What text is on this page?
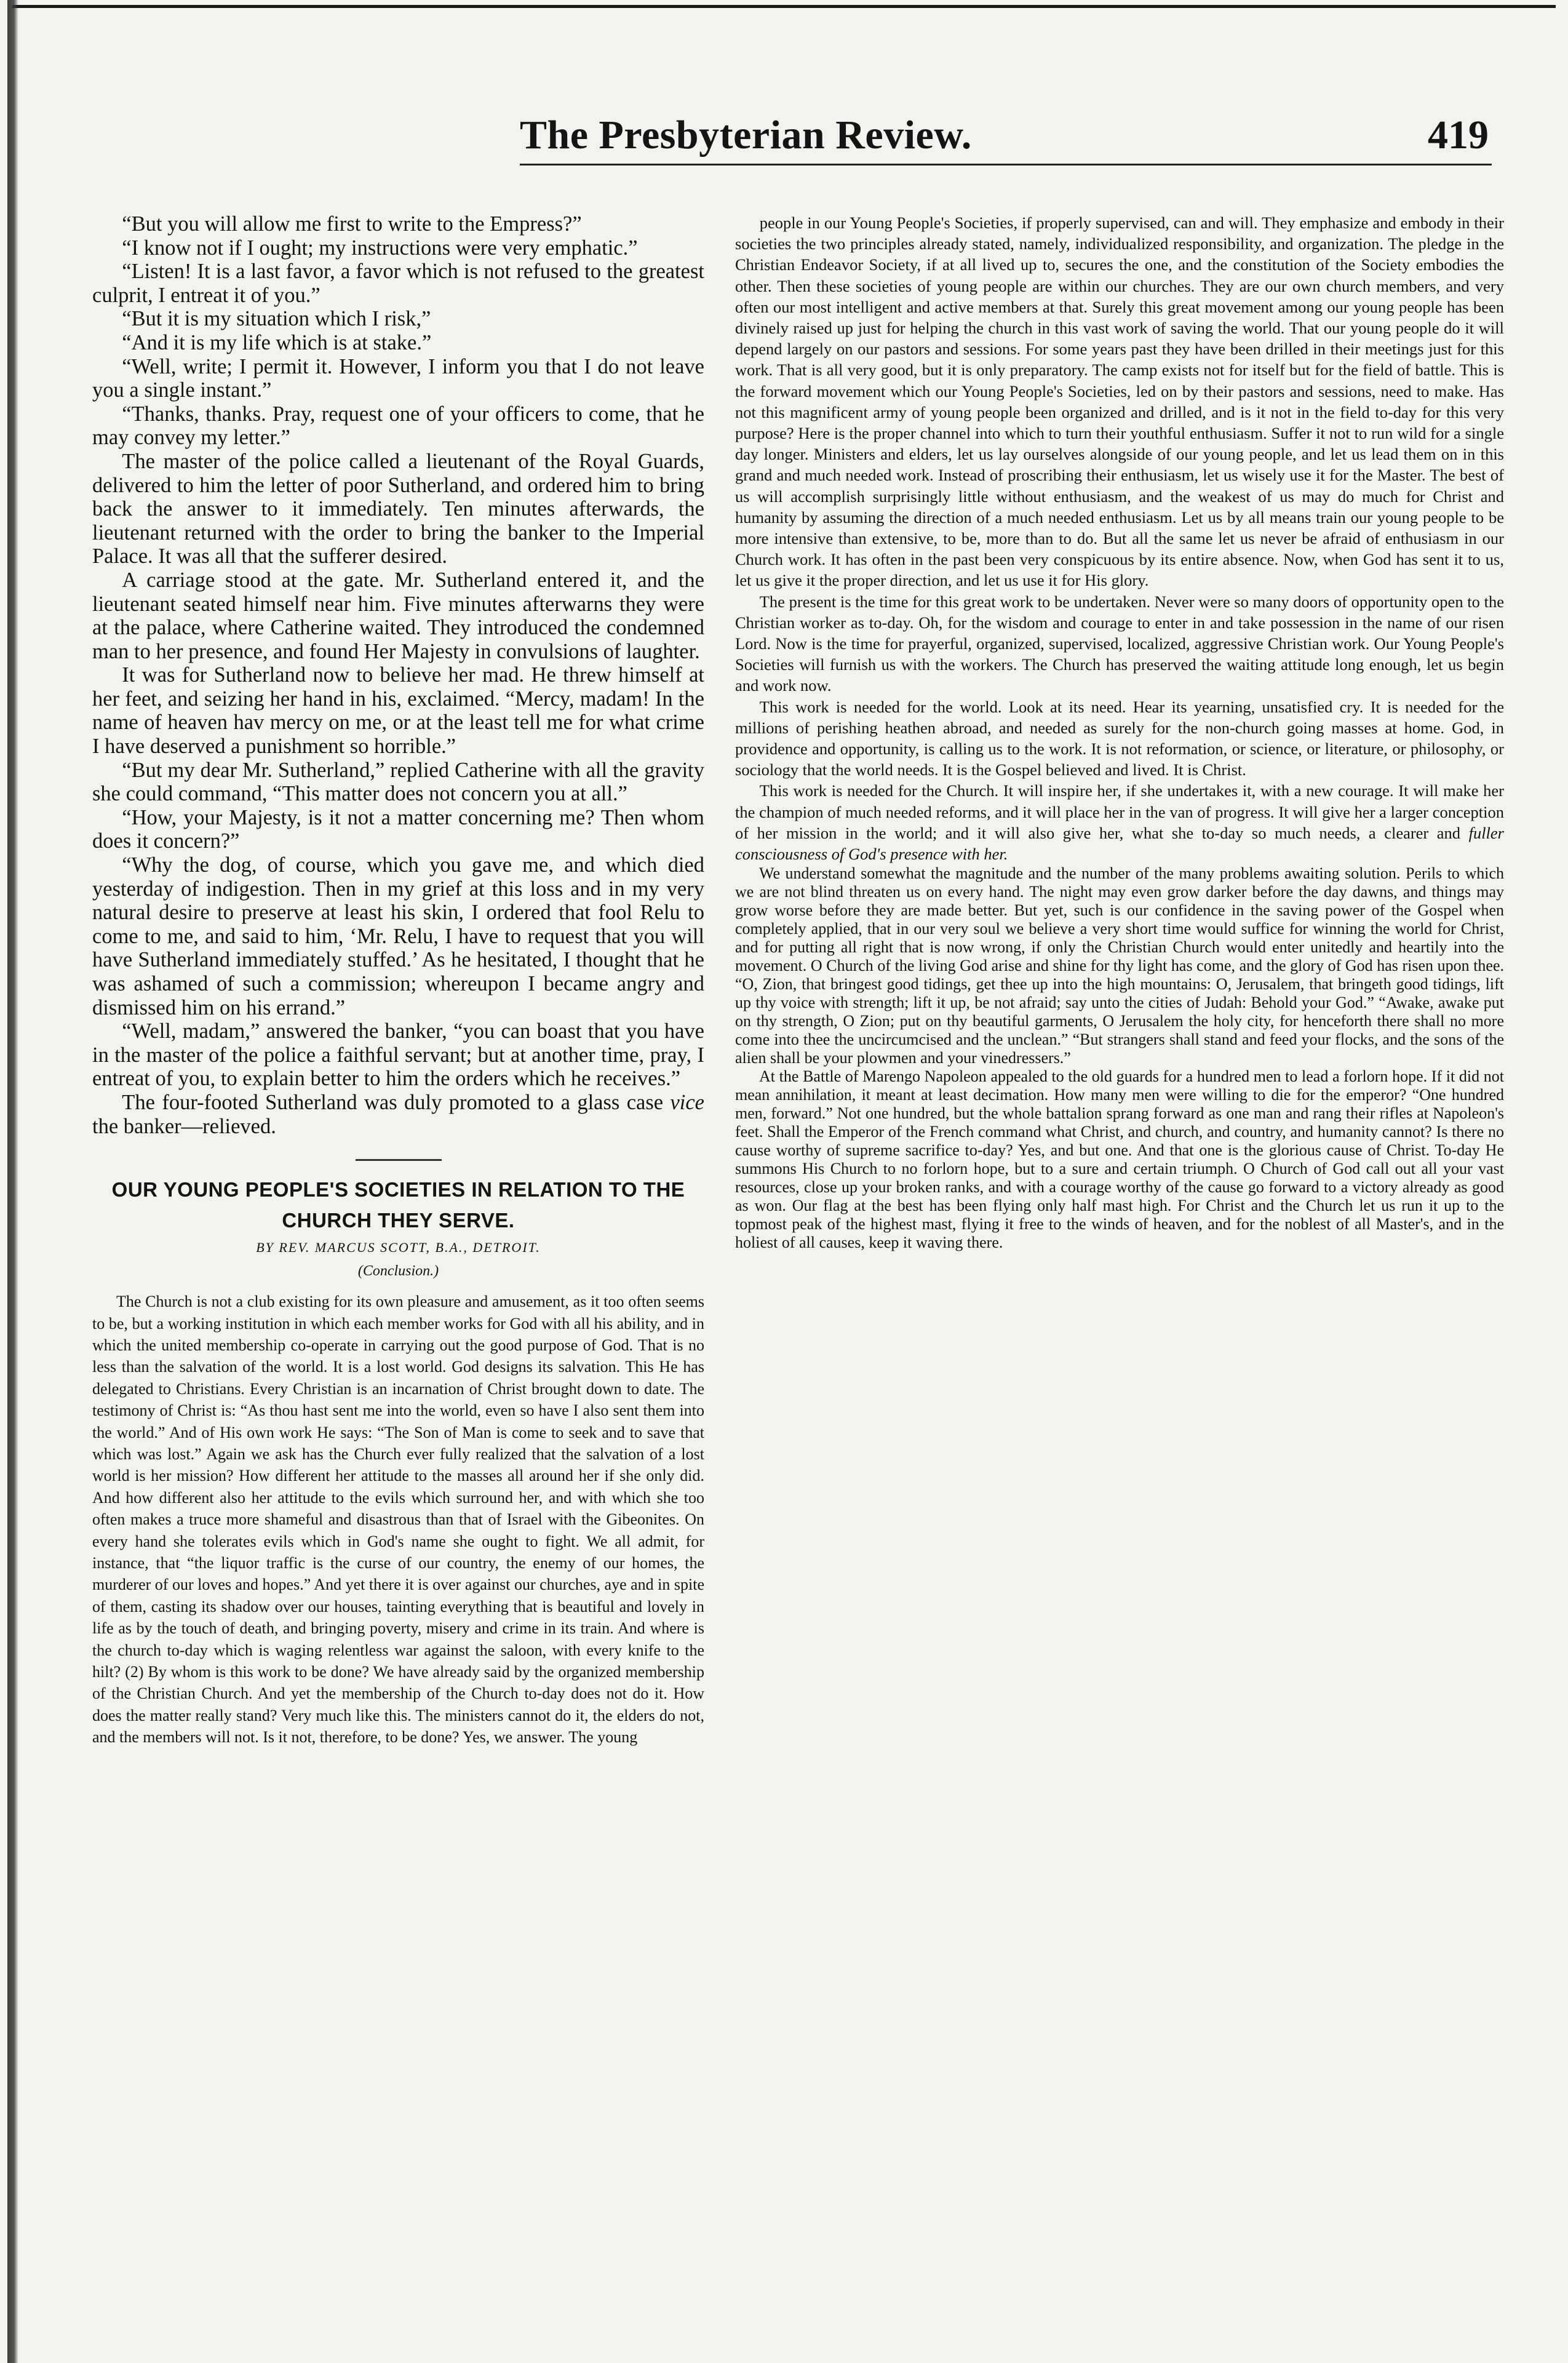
The Presbyterian Review.	419

“But you will allow me first to write to the Empress?”

“I know not if I ought; my instructions were very emphatic.”

“Listen! It is a last favor, a favor which is not refused to the greatest culprit, I entreat it of you.”

“But it is my situation which I risk,”

“And it is my life which is at stake.”

“Well, write; I permit it. However, I inform you that I do not leave you a single instant.”

“Thanks, thanks. Pray, request one of your officers to come, that he may convey my letter.”

The master of the police called a lieutenant of the Royal Guards, delivered to him the letter of poor Sutherland, and ordered him to bring back the answer to it immediately. Ten minutes afterwards, the lieutenant returned with the order to bring the banker to the Imperial Palace. It was all that the sufferer desired.

A carriage stood at the gate. Mr. Sutherland entered it, and the lieutenant seated himself near him. Five minutes afterwarns they were at the palace, where Catherine waited. They introduced the condemned man to her presence, and found Her Majesty in convulsions of laughter.

It was for Sutherland now to believe her mad. He threw himself at her feet, and seizing her hand in his, exclaimed. “Mercy, madam! In the name of heaven hav mercy on me, or at the least tell me for what crime I have deserved a punishment so horrible.”

“But my dear Mr. Sutherland,” replied Catherine with all the gravity she could command, “This matter does not concern you at all.”

“How, your Majesty, is it not a matter concerning me? Then whom does it concern?”

“Why the dog, of course, which you gave me, and which died yesterday of indigestion. Then in my grief at this loss and in my very natural desire to preserve at least his skin, I ordered that fool Relu to come to me, and said to him, ‘Mr. Relu, I have to request that you will have Sutherland immediately stuffed.’ As he hesitated, I thought that he was ashamed of such a commission; whereupon I became angry and dismissed him on his errand.”

“Well, madam,” answered the banker, “you can boast that you have in the master of the police a faithful servant; but at another time, pray, I entreat of you, to explain better to him the orders which he receives.”

The four-footed Sutherland was duly promoted to a glass case vice the banker—relieved.

OUR YOUNG PEOPLE'S SOCIETIES IN RELATION TO THE CHURCH THEY SERVE.

BY REV. MARCUS SCOTT, B.A., DETROIT.

(Conclusion.)

The Church is not a club existing for its own pleasure and amusement, as it too often seems to be, but a working institution in which each member works for God with all his ability, and in which the united membership co-operate in carrying out the good purpose of God. That is no less than the salvation of the world. It is a lost world. God designs its salvation. This He has delegated to Christians. Every Christian is an incarnation of Christ brought down to date. The testimony of Christ is: “As thou hast sent me into the world, even so have I also sent them into the world.” And of His own work He says: “The Son of Man is come to seek and to save that which was lost.” Again we ask has the Church ever fully realized that the salvation of a lost world is her mission? How different her attitude to the masses all around her if she only did. And how different also her attitude to the evils which surround her, and with which she too often makes a truce more shameful and disastrous than that of Israel with the Gibeonites. On every hand she tolerates evils which in God's name she ought to fight. We all admit, for instance, that “the liquor traffic is the curse of our country, the enemy of our homes, the murderer of our loves and hopes.” And yet there it is over against our churches, aye and in spite of them, casting its shadow over our houses, tainting everything that is beautiful and lovely in life as by the touch of death, and bringing poverty, misery and crime in its train. And where is the church to-day which is waging relentless war against the saloon, with every knife to the hilt? (2) By whom is this work to be done? We have already said by the organized membership of the Christian Church. And yet the membership of the Church to-day does not do it. How does the matter really stand? Very much like this. The ministers cannot do it, the elders do not, and the members will not. Is it not, therefore, to be done? Yes, we answer. The young

people in our Young People's Societies, if properly supervised, can and will. They emphasize and embody in their societies the two principles already stated, namely, individualized responsibility, and organization. The pledge in the Christian Endeavor Society, if at all lived up to, secures the one, and the constitution of the Society embodies the other. Then these societies of young people are within our churches. They are our own church members, and very often our most intelligent and active members at that. Surely this great movement among our young people has been divinely raised up just for helping the church in this vast work of saving the world. That our young people do it will depend largely on our pastors and sessions. For some years past they have been drilled in their meetings just for this work. That is all very good, but it is only preparatory. The camp exists not for itself but for the field of battle. This is the forward movement which our Young People's Societies, led on by their pastors and sessions, need to make. Has not this magnificent army of young people been organized and drilled, and is it not in the field to-day for this very purpose? Here is the proper channel into which to turn their youthful enthusiasm. Suffer it not to run wild for a single day longer. Ministers and elders, let us lay ourselves alongside of our young people, and let us lead them on in this grand and much needed work. Instead of proscribing their enthusiasm, let us wisely use it for the Master. The best of us will accomplish surprisingly little without enthusiasm, and the weakest of us may do much for Christ and humanity by assuming the direction of a much needed enthusiasm. Let us by all means train our young people to be more intensive than extensive, to be, more than to do. But all the same let us never be afraid of enthusiasm in our Church work. It has often in the past been very conspicuous by its entire absence. Now, when God has sent it to us, let us give it the proper direction, and let us use it for His glory.

The present is the time for this great work to be undertaken. Never were so many doors of opportunity open to the Christian worker as to-day. Oh, for the wisdom and courage to enter in and take possession in the name of our risen Lord. Now is the time for prayerful, organized, supervised, localized, aggressive Christian work. Our Young People's Societies will furnish us with the workers. The Church has preserved the waiting attitude long enough, let us begin and work now.

This work is needed for the world. Look at its need. Hear its yearning, unsatisfied cry. It is needed for the millions of perishing heathen abroad, and needed as surely for the non-church going masses at home. God, in providence and opportunity, is calling us to the work. It is not reformation, or science, or literature, or philosophy, or sociology that the world needs. It is the Gospel believed and lived. It is Christ.

This work is needed for the Church. It will inspire her, if she undertakes it, with a new courage. It will make her the champion of much needed reforms, and it will place her in the van of progress. It will give her a larger conception of her mission in the world; and it will also give her, what she to-day so much needs, a clearer and fuller consciousness of God's presence with her.

We understand somewhat the magnitude and the number of the many problems awaiting solution. Perils to which we are not blind threaten us on every hand. The night may even grow darker before the day dawns, and things may grow worse before they are made better. But yet, such is our confidence in the saving power of the Gospel when completely applied, that in our very soul we believe a very short time would suffice for winning the world for Christ, and for putting all right that is now wrong, if only the Christian Church would enter unitedly and heartily into the movement. O Church of the living God arise and shine for thy light has come, and the glory of God has risen upon thee. “O, Zion, that bringest good tidings, get thee up into the high mountains: O, Jerusalem, that bringeth good tidings, lift up thy voice with strength; lift it up, be not afraid; say unto the cities of Judah: Behold your God.” “Awake, awake put on thy strength, O Zion; put on thy beautiful garments, O Jerusalem the holy city, for henceforth there shall no more come into thee the uncircumcised and the unclean.” “But strangers shall stand and feed your flocks, and the sons of the alien shall be your plowmen and your vinedressers.”

At the Battle of Marengo Napoleon appealed to the old guards for a hundred men to lead a forlorn hope. If it did not mean annihilation, it meant at least decimation. How many men were willing to die for the emperor? “One hundred men, forward.” Not one hundred, but the whole battalion sprang forward as one man and rang their rifles at Napoleon's feet. Shall the Emperor of the French command what Christ, and church, and country, and humanity cannot? Is there no cause worthy of supreme sacrifice to-day? Yes, and but one. And that one is the glorious cause of Christ. To-day He summons His Church to no forlorn hope, but to a sure and certain triumph. O Church of God call out all your vast resources, close up your broken ranks, and with a courage worthy of the cause go forward to a victory already as good as won. Our flag at the best has been flying only half mast high. For Christ and the Church let us run it up to the topmost peak of the highest mast, flying it free to the winds of heaven, and for the noblest of all Master's, and in the holiest of all causes, keep it waving there.
